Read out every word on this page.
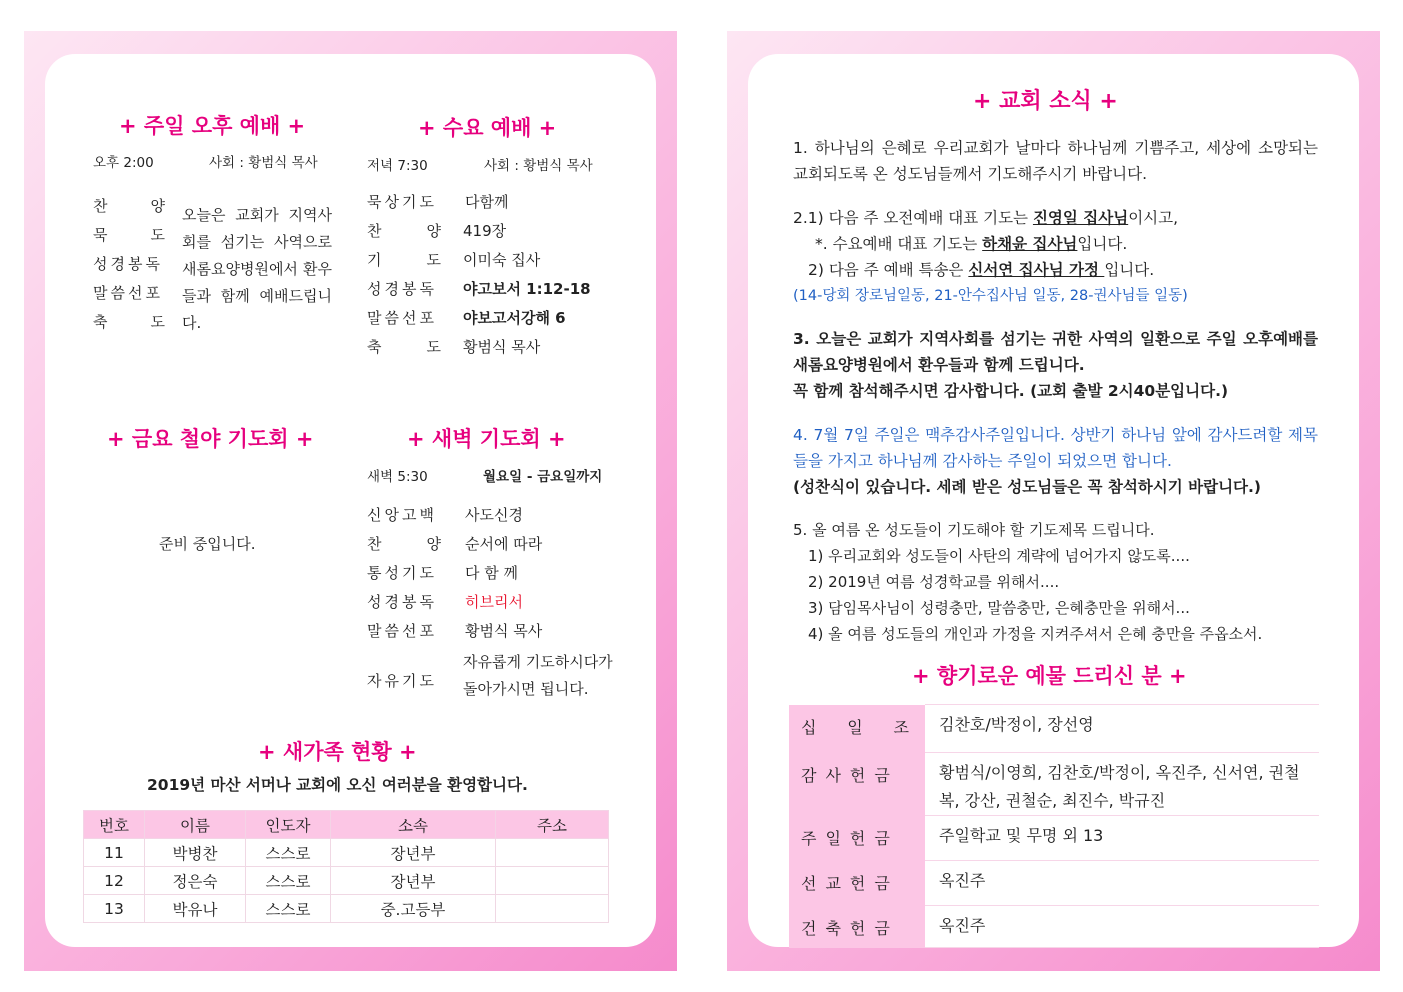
+ 주일 오후 예배 +
오후 2:00	사회 : 황범식 목사
찬	양
묵	도
성경봉독
말씀선포
축	도
오늘은 교회가 지역사회를 섬기는 사역으로 새롬요양병원에서 환우들과 함께 예배드립니다.
+ 수요 예배 +
저녁 7:30	사회 : 황범식 목사
묵상기도	다함께
찬	양 419장
기	도 이미숙 집사
성경봉독	야고보서 1:12-18
말씀선포	야보고서강해 6
축	도 황범식 목사
+ 금요 철야 기도회 +
준비 중입니다.
+ 새벽 기도회 +
새벽 5:30	월요일 - 금요일까지
신앙고백	사도신경
찬	양 순서에 따라
통성기도	다 함 께
성경봉독	히브리서
말씀선포	황범식 목사
자유기도
자유롭게 기도하시다가 돌아가시면 됩니다.
+ 새가족 현황 +
2019년 마산 서머나 교회에 오신 여러분을 환영합니다.
번호	이름	인도자	소속	주소
11	박병찬	스스로	장년부	
12	정은숙	스스로	장년부	
13	박유나	스스로	중.고등부	
+ 교회 소식 +
1. 하나님의 은혜로 우리교회가 날마다 하나님께 기쁨주고, 세상에 소망되는 교회되도록 온 성도님들께서 기도해주시기 바랍니다.

2.1) 다음 주 오전예배 대표 기도는 진영일 집사님이시고,

*. 수요예배 대표 기도는 하채윤 집사님입니다.

2) 다음 주 예배 특송은 신서연 집사님 가정 입니다.

(14-당회 장로님일동, 21-안수집사님 일동, 28-권사님들 일동)

3. 오늘은 교회가 지역사회를 섬기는 귀한 사역의 일환으로 주일 오후예배를 새롬요양병원에서 환우들과 함께 드립니다.

꼭 함께 참석해주시면 감사합니다. (교회 출발 2시40분입니다.)

4. 7월 7일 주일은 맥추감사주일입니다. 상반기 하나님 앞에 감사드려할 제목들을 가지고 하나님께 감사하는 주일이 되었으면 합니다.

(성찬식이 있습니다. 세례 받은 성도님들은 꼭 참석하시기 바랍니다.)

5. 올 여름 온 성도들이 기도해야 할 기도제목 드립니다.

1) 우리교회와 성도들이 사탄의 계략에 넘어가지 않도록....

2) 2019년 여름 성경학교를 위해서....

3) 담임목사님이 성령충만, 말씀충만, 은혜충만을 위해서...

4) 올 여름 성도들의 개인과 가정을 지켜주셔서 은혜 충만을 주옵소서.

+ 향기로운 예물 드리신 분 +
십 일 조	김찬호/박정이, 장선영
감사헌금	황범식/이영희, 김찬호/박정이, 옥진주, 신서연, 권철복, 강산, 권철순, 최진수, 박규진
주일헌금	주일학교 및 무명 외 13
선교헌금	옥진주
건축헌금	옥진주
